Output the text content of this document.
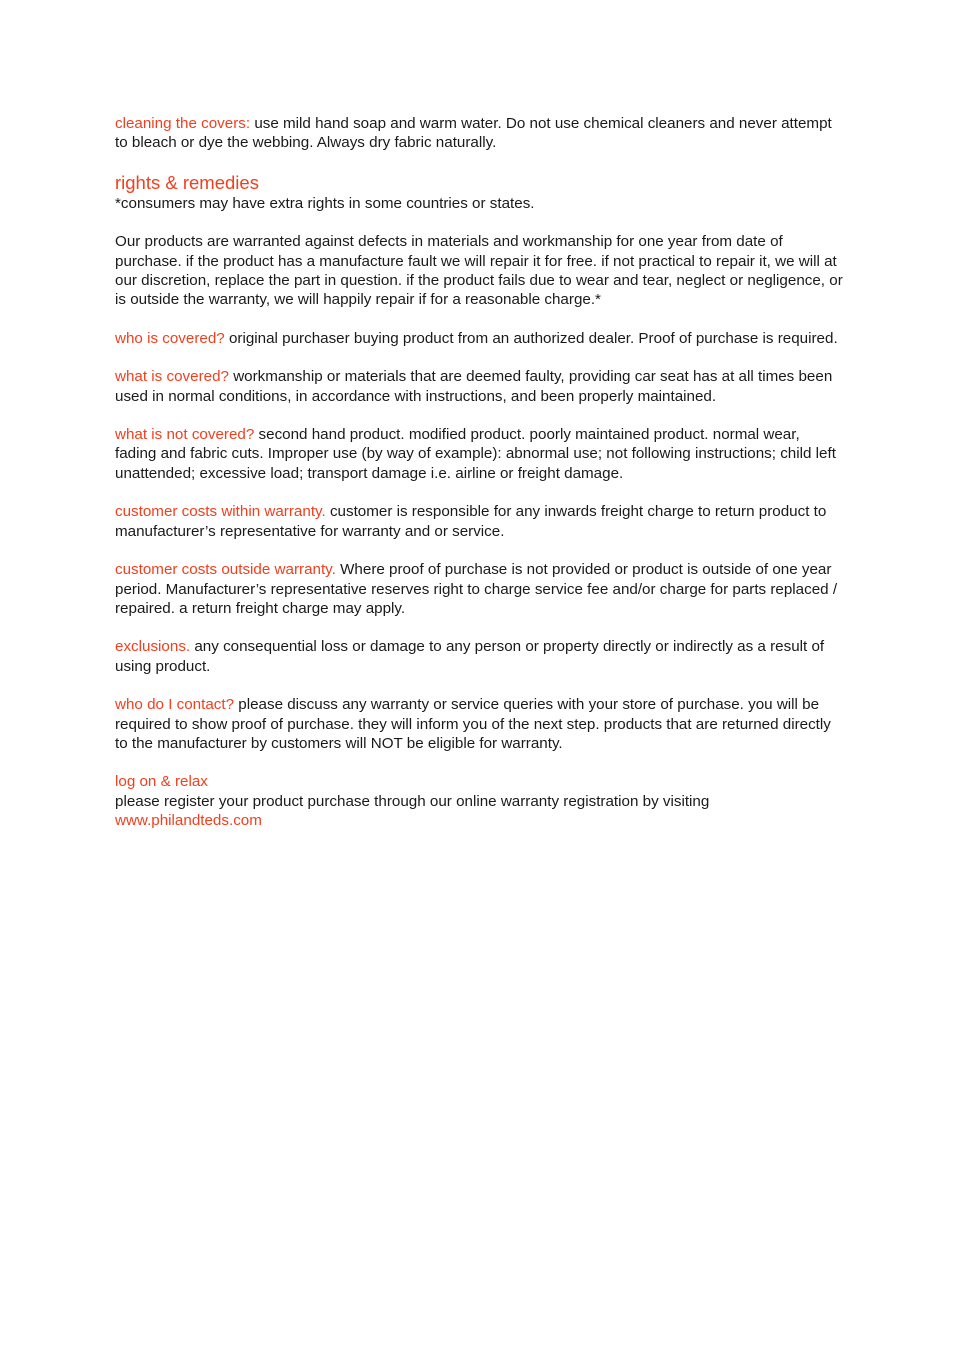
cleaning the covers: use mild hand soap and warm water. Do not use chemical cleaners and never attempt to bleach or dye the webbing. Always dry fabric naturally.

rights & remedies
*consumers may have extra rights in some countries or states.

Our products are warranted against defects in materials and workmanship for one year from date of purchase. if the product has a manufacture fault we will repair it for free. if not practical to repair it, we will at our discretion, replace the part in question. if the product fails due to wear and tear, neglect or negligence, or is outside the warranty, we will happily repair if for a reasonable charge.*

who is covered? original purchaser buying product from an authorized dealer. Proof of purchase is required.

what is covered? workmanship or materials that are deemed faulty, providing car seat has at all times been used in normal conditions, in accordance with instructions, and been properly maintained.

what is not covered? second hand product. modified product. poorly maintained product. normal wear, fading and fabric cuts. Improper use (by way of example): abnormal use; not following instructions; child left unattended; excessive load; transport damage i.e. airline or freight damage.

customer costs within warranty. customer is responsible for any inwards freight charge to return product to manufacturer’s representative for warranty and or service.

customer costs outside warranty. Where proof of purchase is not provided or product is outside of one year period. Manufacturer’s representative reserves right to charge service fee and/or charge for parts replaced / repaired. a return freight charge may apply.

exclusions. any consequential loss or damage to any person or property directly or indirectly as a result of using product.

who do I contact? please discuss any warranty or service queries with your store of purchase. you will be required to show proof of purchase. they will inform you of the next step. products that are returned directly to the manufacturer by customers will NOT be eligible for warranty.

log on & relax
please register your product purchase through our online warranty registration by visiting
www.philandteds.com
